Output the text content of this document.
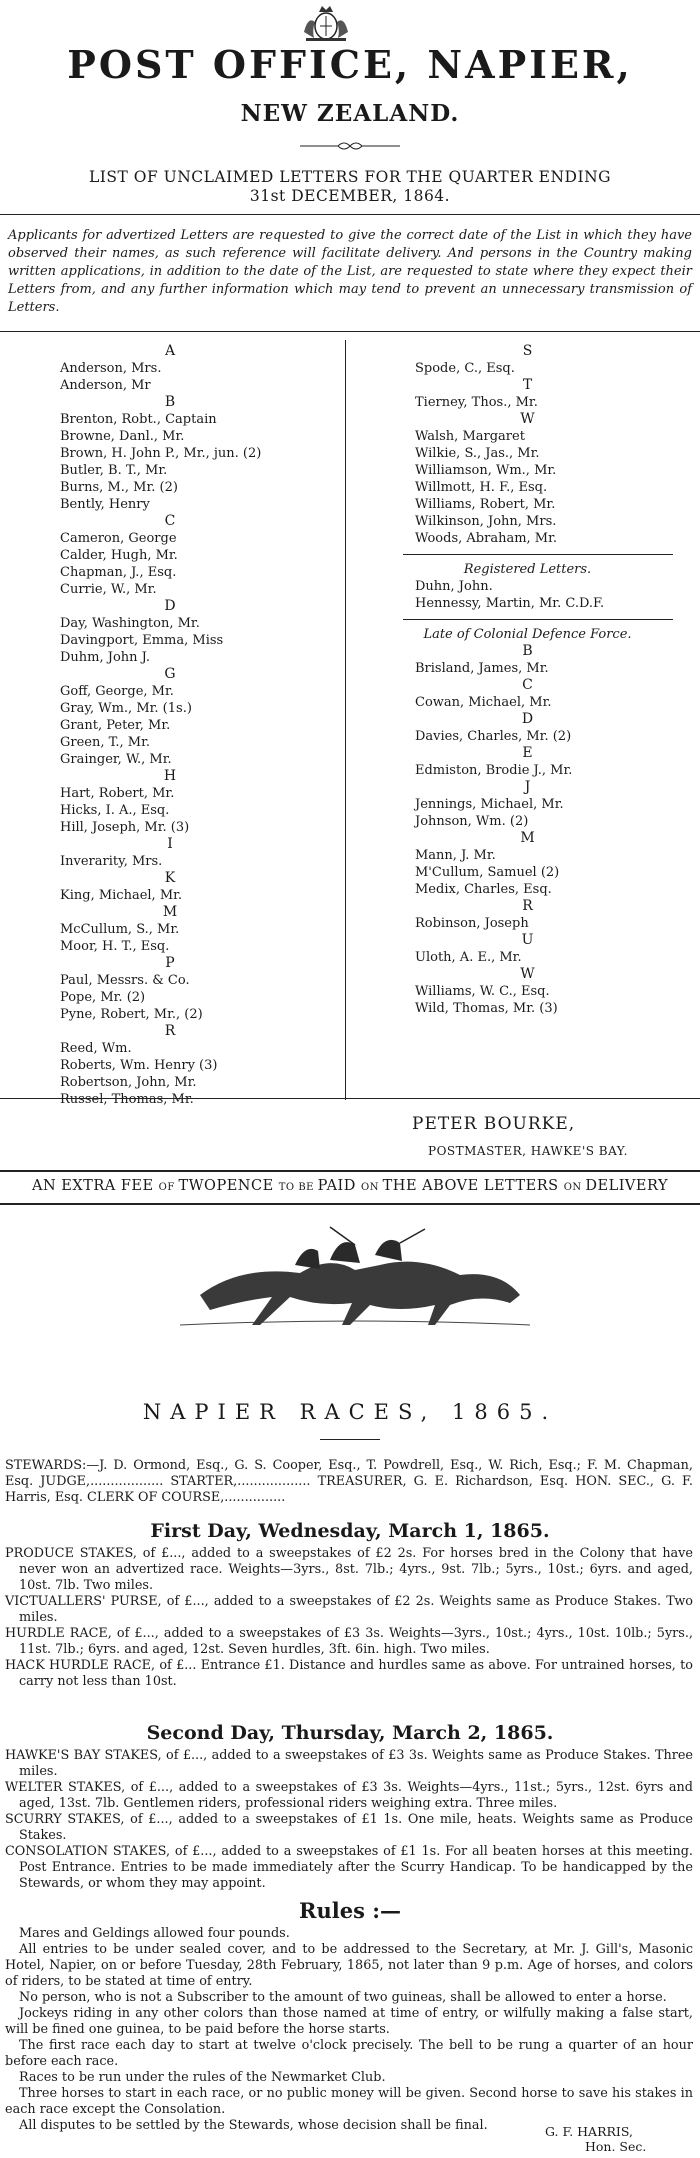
POST OFFICE, NAPIER,
NEW ZEALAND.
LIST OF UNCLAIMED LETTERS FOR THE QUARTER ENDING
31st DECEMBER, 1864.
Applicants for advertized Letters are requested to give the correct date of the List in which they have observed their names, as such reference will facilitate delivery. And persons in the Country making written applications, in addition to the date of the List, are requested to state where they expect their Letters from, and any further information which may tend to prevent an unnecessary transmission of Letters.
A
Anderson, Mrs.
Anderson, Mr
B
Brenton, Robt., Captain
Browne, Danl., Mr.
Brown, H. John P., Mr., jun. (2)
Butler, B. T., Mr.
Burns, M., Mr. (2)
Bently, Henry
C
Cameron, George
Calder, Hugh, Mr.
Chapman, J., Esq.
Currie, W., Mr.
D
Day, Washington, Mr.
Davingport, Emma, Miss
Duhm, John J.
G
Goff, George, Mr.
Gray, Wm., Mr. (1s.)
Grant, Peter, Mr.
Green, T., Mr.
Grainger, W., Mr.
H
Hart, Robert, Mr.
Hicks, I. A., Esq.
Hill, Joseph, Mr. (3)
I
Inverarity, Mrs.
K
King, Michael, Mr.
M
McCullum, S., Mr.
Moor, H. T., Esq.
P
Paul, Messrs. & Co.
Pope, Mr. (2)
Pyne, Robert, Mr., (2)
R
Reed, Wm.
Roberts, Wm. Henry (3)
Robertson, John, Mr.
Russel, Thomas, Mr.
S
Spode, C., Esq.
T
Tierney, Thos., Mr.
W
Walsh, Margaret
Wilkie, S., Jas., Mr.
Williamson, Wm., Mr.
Willmott, H. F., Esq.
Williams, Robert, Mr.
Wilkinson, John, Mrs.
Woods, Abraham, Mr.
Registered Letters.
Duhn, John.
Hennessy, Martin, Mr. C.D.F.
Late of Colonial Defence Force.
B
Brisland, James, Mr.
C
Cowan, Michael, Mr.
D
Davies, Charles, Mr. (2)
E
Edmiston, Brodie J., Mr.
J
Jennings, Michael, Mr.
Johnson, Wm. (2)
M
Mann, J. Mr.
M'Cullum, Samuel (2)
Medix, Charles, Esq.
R
Robinson, Joseph
U
Uloth, A. E., Mr.
W
Williams, W. C., Esq.
Wild, Thomas, Mr. (3)
PETER BOURKE,
POSTMASTER, HAWKE'S BAY.
AN EXTRA FEE OF TWOPENCE TO BE PAID ON THE ABOVE LETTERS ON DELIVERY
NAPIER RACES, 1865.
STEWARDS:—J. D. Ormond, Esq., G. S. Cooper, Esq., T. Powdrell, Esq., W. Rich, Esq.; F. M. Chapman, Esq. JUDGE,.................. STARTER,.................. TREASURER, G. E. Richardson, Esq. HON. SEC., G. F. Harris, Esq. CLERK OF COURSE,...............
First Day, Wednesday, March 1, 1865.
PRODUCE STAKES, of £..., added to a sweepstakes of £2 2s. For horses bred in the Colony that have never won an advertized race. Weights—3yrs., 8st. 7lb.; 4yrs., 9st. 7lb.; 5yrs., 10st.; 6yrs. and aged, 10st. 7lb. Two miles.
VICTUALLERS' PURSE, of £..., added to a sweepstakes of £2 2s. Weights same as Produce Stakes. Two miles.
HURDLE RACE, of £..., added to a sweepstakes of £3 3s. Weights—3yrs., 10st.; 4yrs., 10st. 10lb.; 5yrs., 11st. 7lb.; 6yrs. and aged, 12st. Seven hurdles, 3ft. 6in. high. Two miles.
HACK HURDLE RACE, of £... Entrance £1. Distance and hurdles same as above. For untrained horses, to carry not less than 10st.
Second Day, Thursday, March 2, 1865.
HAWKE'S BAY STAKES, of £..., added to a sweepstakes of £3 3s. Weights same as Produce Stakes. Three miles.
WELTER STAKES, of £..., added to a sweepstakes of £3 3s. Weights—4yrs., 11st.; 5yrs., 12st. 6yrs and aged, 13st. 7lb. Gentlemen riders, professional riders weighing extra. Three miles.
SCURRY STAKES, of £..., added to a sweepstakes of £1 1s. One mile, heats. Weights same as Produce Stakes.
CONSOLATION STAKES, of £..., added to a sweepstakes of £1 1s. For all beaten horses at this meeting. Post Entrance. Entries to be made immediately after the Scurry Handicap. To be handicapped by the Stewards, or whom they may appoint.
Rules :—
Mares and Geldings allowed four pounds.
All entries to be under sealed cover, and to be addressed to the Secretary, at Mr. J. Gill's, Masonic Hotel, Napier, on or before Tuesday, 28th February, 1865, not later than 9 p.m. Age of horses, and colors of riders, to be stated at time of entry.
No person, who is not a Subscriber to the amount of two guineas, shall be allowed to enter a horse.
Jockeys riding in any other colors than those named at time of entry, or wilfully making a false start, will be fined one guinea, to be paid before the horse starts.
The first race each day to start at twelve o'clock precisely. The bell to be rung a quarter of an hour before each race.
Races to be run under the rules of the Newmarket Club.
Three horses to start in each race, or no public money will be given. Second horse to save his stakes in each race except the Consolation.
All disputes to be settled by the Stewards, whose decision shall be final.	G. F. HARRIS,
Hon. Sec.
